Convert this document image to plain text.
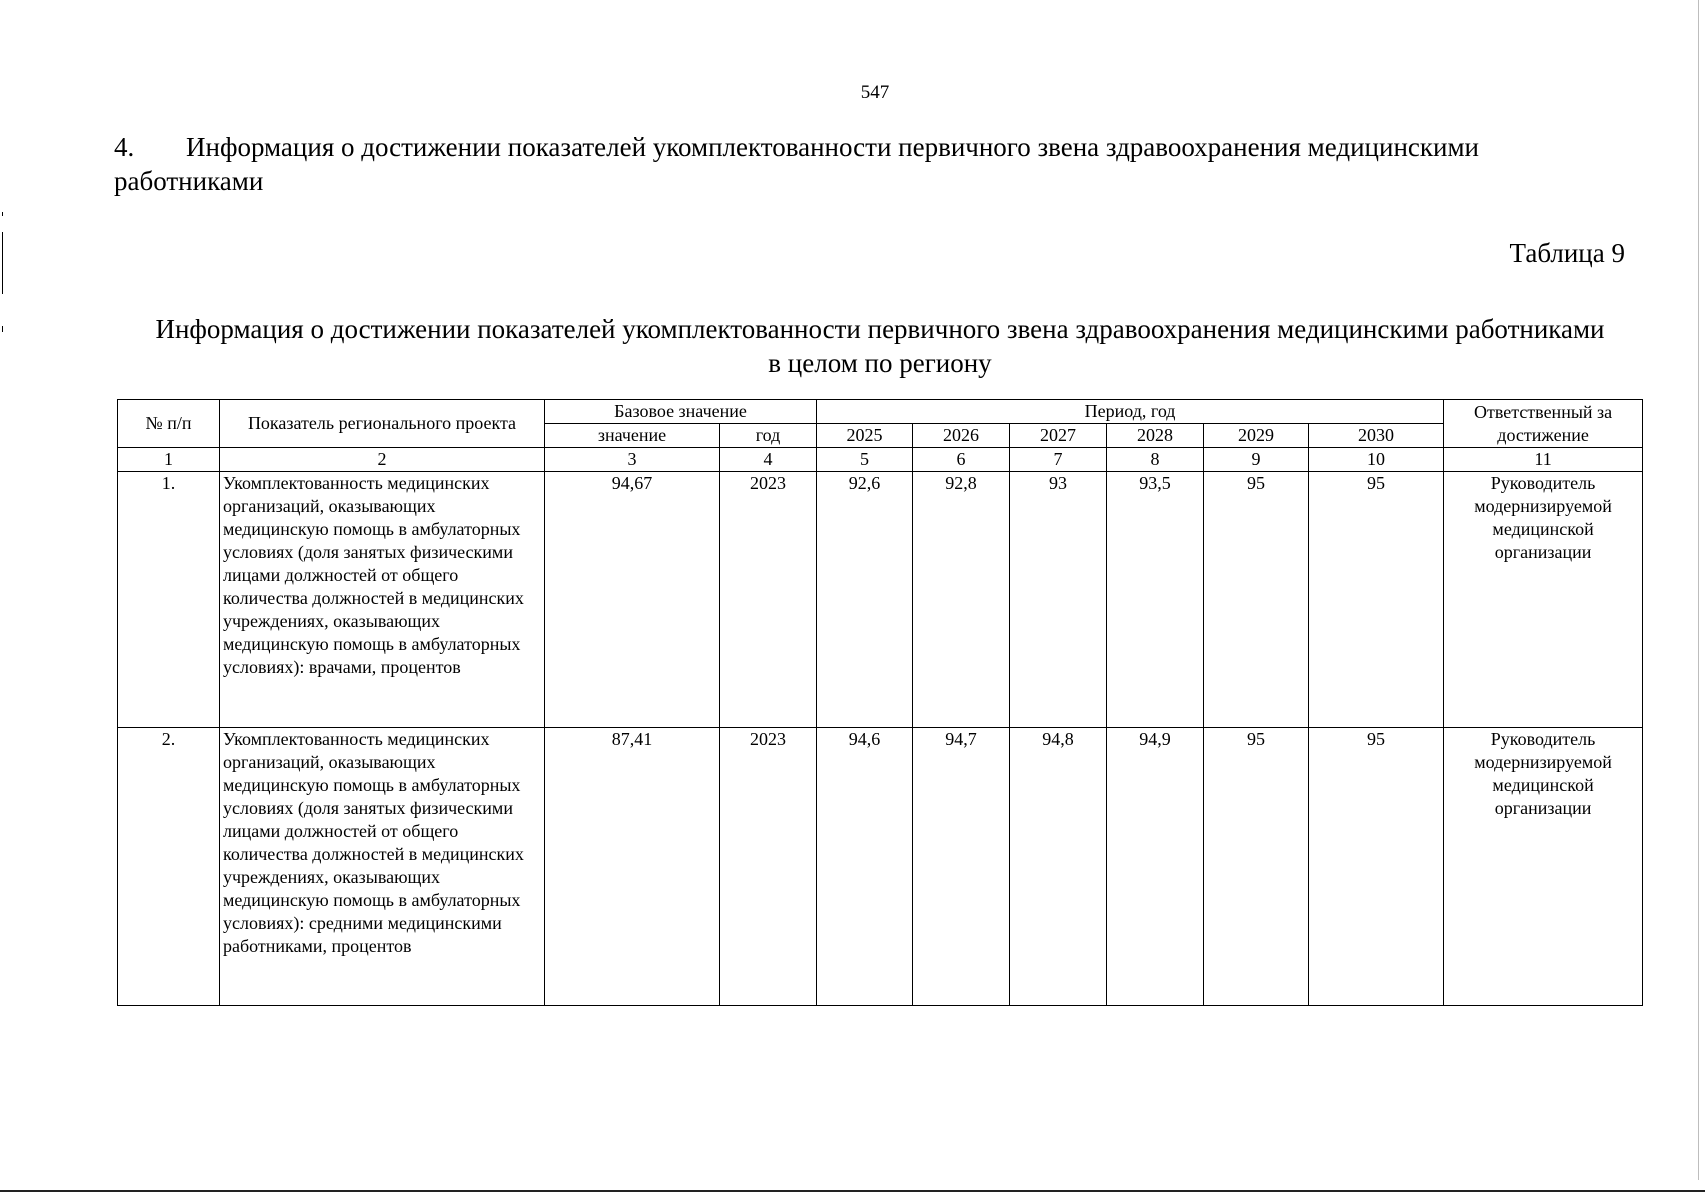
547
4. Информация о достижении показателей укомплектованности первичного звена здравоохранения медицинскими работниками
Таблица 9
Информация о достижении показателей укомплектованности первичного звена здравоохранения медицинскими работниками
в целом по региону
№ п/п	Показатель регионального проекта	Базовое значение		Период, год						Ответственный за достижение
		значение	год	2025	2026	2027	2028	2029	2030	
1	2	3	4	5	6	7	8	9	10	11
1.	Укомплектованность медицинских организаций, оказывающих медицинскую помощь в амбулаторных условиях (доля занятых физическими лицами должностей от общего количества должностей в медицинских учреждениях, оказывающих медицинскую помощь в амбулаторных условиях): врачами, процентов	94,67	2023	92,6	92,8	93	93,5	95	95	Руководитель модернизируемой медицинской организации
2.	Укомплектованность медицинских организаций, оказывающих медицинскую помощь в амбулаторных условиях (доля занятых физическими лицами должностей от общего количества должностей в медицинских учреждениях, оказывающих медицинскую помощь в амбулаторных условиях): средними медицинскими работниками, процентов	87,41	2023	94,6	94,7	94,8	94,9	95	95	Руководитель модернизируемой медицинской организации
